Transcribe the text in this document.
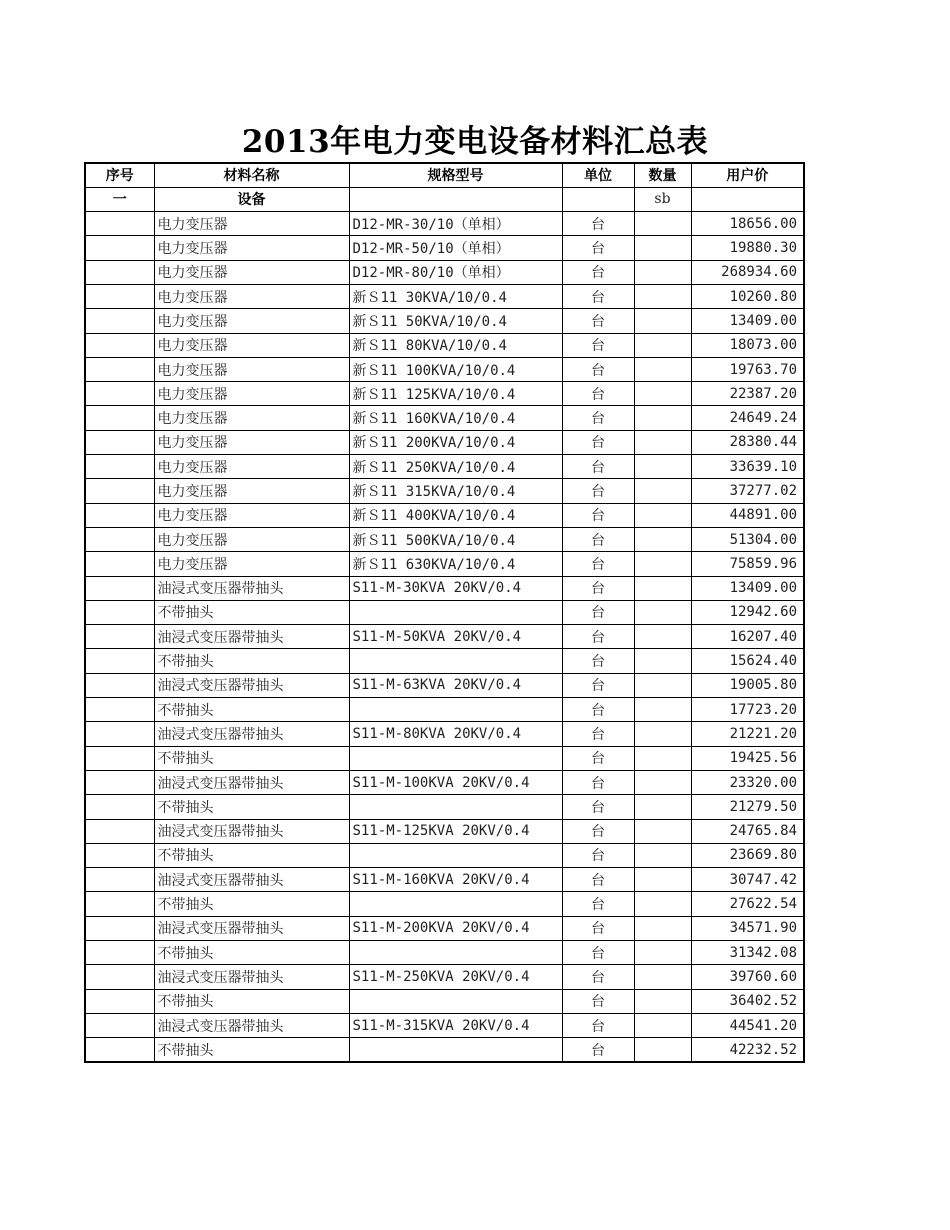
2013年电力变电设备材料汇总表
序号	材料名称	规格型号	单位	数量	用户价
一	设备			sb	
	电力变压器	D12-MR-30/10（单相）	台		18656.00
	电力变压器	D12-MR-50/10（单相）	台		19880.30
	电力变压器	D12-MR-80/10（单相）	台		268934.60
	电力变压器	新Ｓ11 30KVA/10/0.4	台		10260.80
	电力变压器	新Ｓ11 50KVA/10/0.4	台		13409.00
	电力变压器	新Ｓ11 80KVA/10/0.4	台		18073.00
	电力变压器	新Ｓ11 100KVA/10/0.4	台		19763.70
	电力变压器	新Ｓ11 125KVA/10/0.4	台		22387.20
	电力变压器	新Ｓ11 160KVA/10/0.4	台		24649.24
	电力变压器	新Ｓ11 200KVA/10/0.4	台		28380.44
	电力变压器	新Ｓ11 250KVA/10/0.4	台		33639.10
	电力变压器	新Ｓ11 315KVA/10/0.4	台		37277.02
	电力变压器	新Ｓ11 400KVA/10/0.4	台		44891.00
	电力变压器	新Ｓ11 500KVA/10/0.4	台		51304.00
	电力变压器	新Ｓ11 630KVA/10/0.4	台		75859.96
	油浸式变压器带抽头	S11-M-30KVA 20KV/0.4	台		13409.00
	不带抽头		台		12942.60
	油浸式变压器带抽头	S11-M-50KVA 20KV/0.4	台		16207.40
	不带抽头		台		15624.40
	油浸式变压器带抽头	S11-M-63KVA 20KV/0.4	台		19005.80
	不带抽头		台		17723.20
	油浸式变压器带抽头	S11-M-80KVA 20KV/0.4	台		21221.20
	不带抽头		台		19425.56
	油浸式变压器带抽头	S11-M-100KVA 20KV/0.4	台		23320.00
	不带抽头		台		21279.50
	油浸式变压器带抽头	S11-M-125KVA 20KV/0.4	台		24765.84
	不带抽头		台		23669.80
	油浸式变压器带抽头	S11-M-160KVA 20KV/0.4	台		30747.42
	不带抽头		台		27622.54
	油浸式变压器带抽头	S11-M-200KVA 20KV/0.4	台		34571.90
	不带抽头		台		31342.08
	油浸式变压器带抽头	S11-M-250KVA 20KV/0.4	台		39760.60
	不带抽头		台		36402.52
	油浸式变压器带抽头	S11-M-315KVA 20KV/0.4	台		44541.20
	不带抽头		台		42232.52
